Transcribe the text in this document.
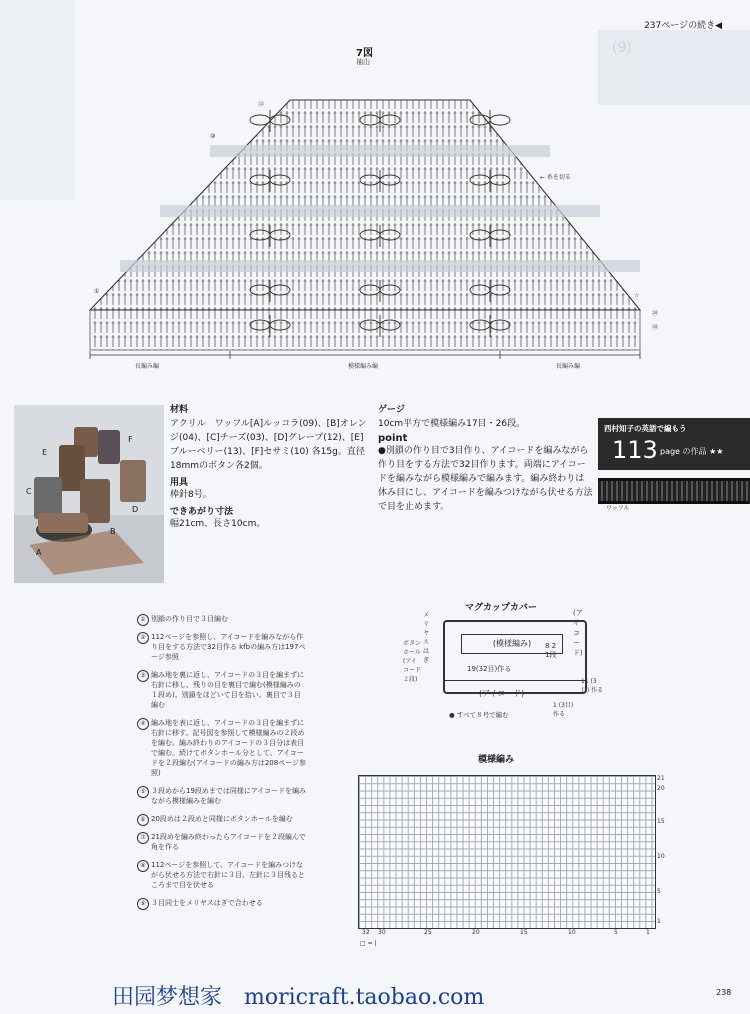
(9)
237ページの続き◀
7図
袖山
⑫
⑩
①
⑳
⑳
☆
← 糸を切る
長編み編	模様編み編	長編み編
E
F
C
D
B
A
材料
アクリル　ワッフル[A]ルッコラ(09)、[B]オレンジ(04)、[C]チーズ(03)、[D]グレープ(12)、[E]ブルーベリー(13)、[F]セサミ(10) 各15g。直径18mmのボタン各2個。
用具
棒針8号。
できあがり寸法
幅21cm、長さ10cm。
ゲージ
10cm平方で模様編み17目・26段。
point
●別鎖の作り目で3目作り、アイコードを編みながら作り目をする方法で32目作ります。両端にアイコードを編みながら模様編みで編みます。編み終わりは休み目にし、アイコードを編みつけながら伏せる方法で目を止めます。
西村知子の英語で編もう
113 page の作品 ★★
ワッフル
① 別鎖の作り目で３目編む
② 112ページを参照し、アイコードを編みながら作り目をする方法で32目作る kfbの編み方は197ページ参照
③ 編み地を裏に返し、アイコードの３目を編まずに右針に移し、残りの目を裏目で編む(模様編みの１段め)。別鎖をほどいて目を拾い、裏目で３目編む
④ 編み地を表に返し、アイコードの３目を編まずに右針に移す。記号図を参照して模様編みの２段めを編む。編み終わりのアイコードの３目分は表目で編む。続けてボタンホール分として、アイコードを２段編む(アイコードの編み方は208ページ参照)
⑤ ３段めから19段めまでは同様にアイコードを編みながら模様編みを編む
⑥ 20段めは２段めと同様にボタンホールを編む
⑦ 21段めを編み終わったらアイコードを２段編んで角を作る
⑧ 112ページを参照して、アイコードを編みつけながら伏せる方法で右針に３目、左針に３目残るところまで目を伏せる
⑨ ３目同士をメリヤスはぎで合わせる
マグカップカバー
(模様編み)
19(32目)作る
(アイコード)
8 21段
(アイコード)
メリヤスはぎ
ボタンホール (アイコード２段)	11 (3目) 作る
● すべて８号で編む
1 (3目) 作る
模様編み
21
20
15
10
5
1
32 30	25	20	15	10	5	1
□ = |
田园梦想家　moricraft.taobao.com	238
